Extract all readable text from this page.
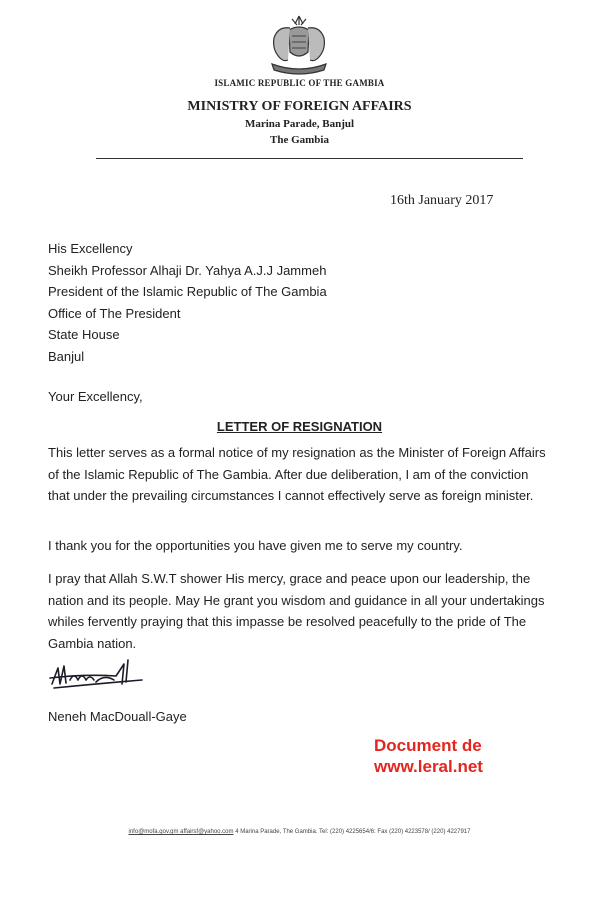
ISLAMIC REPUBLIC OF THE GAMBIA
MINISTRY OF FOREIGN AFFAIRS
Marina Parade, Banjul
The Gambia
16th January 2017
His Excellency
Sheikh Professor Alhaji Dr. Yahya A.J.J Jammeh
President of the Islamic Republic of The Gambia
Office of The President
State House
Banjul
Your Excellency,
LETTER OF RESIGNATION
This letter serves as a formal notice of my resignation as the Minister of Foreign Affairs of the Islamic Republic of The Gambia. After due deliberation, I am of the conviction that under the prevailing circumstances I cannot effectively serve as foreign minister.
I thank you for the opportunities you have given me to serve my country.
I pray that Allah S.W.T shower His mercy, grace and peace upon our leadership, the nation and its people. May He grant you wisdom and guidance in all your undertakings whiles fervently praying that this impasse be resolved peacefully to the pride of The Gambia nation.
Neneh MacDouall-Gaye
Document de
www.leral.net
info@mofa.gov.gm affairsf@yahoo.com 4 Marina Parade, The Gambia. Tel: (220) 4225654/6: Fax (220) 4223578/ (220) 4227917
